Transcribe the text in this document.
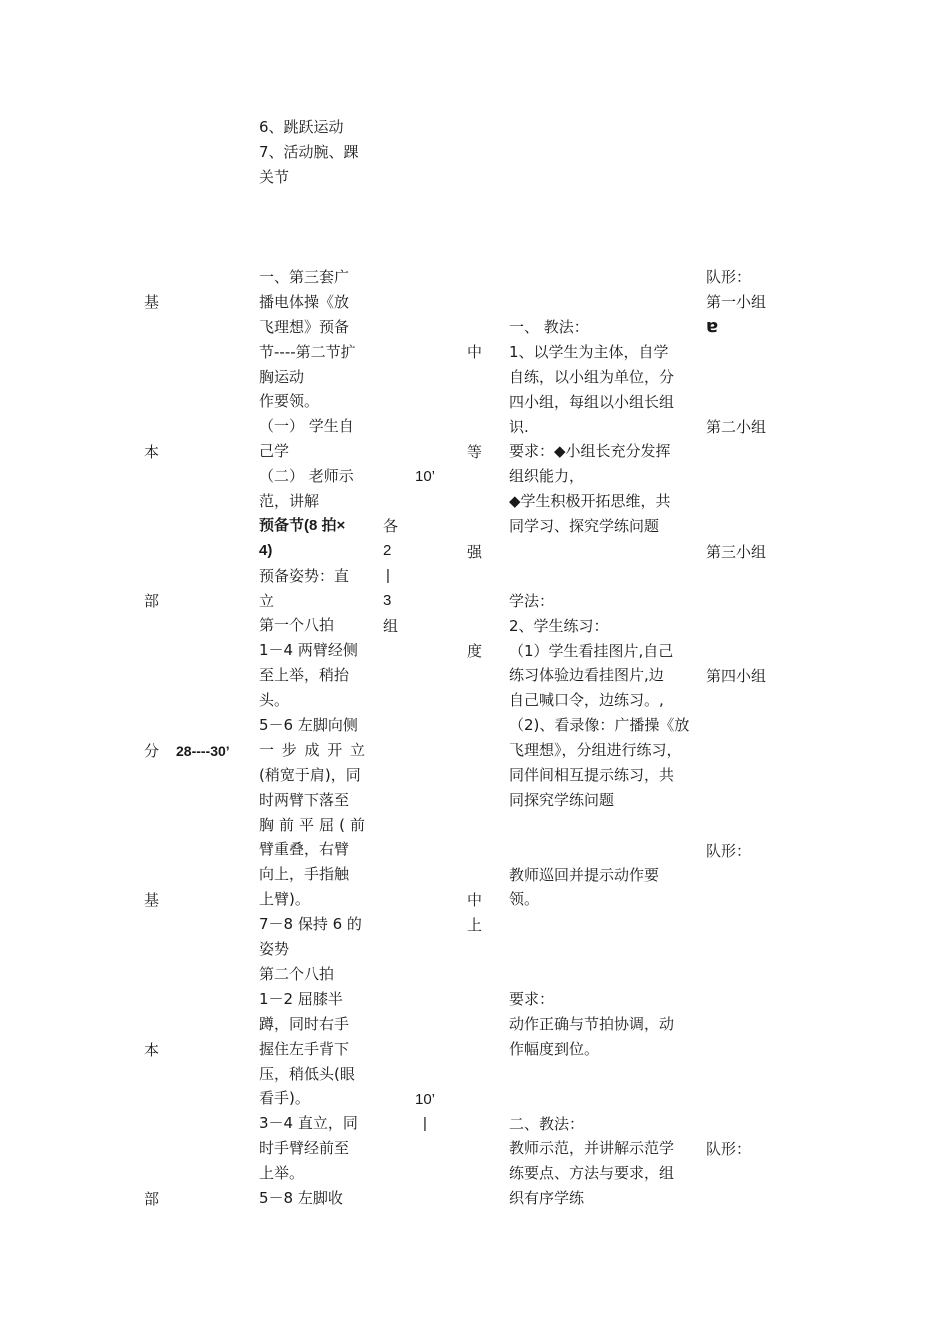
6、跳跃运动
7、活动腕、踝
关节
基
本
部
分
基
本
部
28----30’
一、第三套广
播电体操《放
飞理想》预备
节----第二节扩
胸运动
作要领。
（一） 学生自
己学
（二） 老师示
范，讲解
预备节(8 拍×
4)
预备姿势：直
立
第一个八拍
1－4 两臂经侧
至上举，稍抬
头。
5－6 左脚向侧
一步成开立
(稍宽于肩)，同
时两臂下落至
胸前平屈(前
臂重叠，右臂
向上，手指触
上臂)。
7－8 保持 6 的
姿势
第二个八拍
1－2 屈膝半
蹲，同时右手
握住左手背下
压，稍低头(眼
看手)。
3－4 直立，同
时手臂经前至
上举。
5－8 左脚收
各
2
|
3
组
10’
10’
|
中
等
强
度
中
上
一、 教法：
1、以学生为主体，自学
自练，以小组为单位，分
四小组，每组以小组长组
识.
要求：◆小组长充分发挥
组织能力，
◆学生积极开拓思维，共
同学习、探究学练问题
学法：
2、学生练习：
（1）学生看挂图片,自己
练习体验边看挂图片,边
自己喊口令，边练习。,
（2)、看录像：广播操《放
飞理想》，分组进行练习，
同伴间相互提示练习，共
同探究学练问题
教师巡回并提示动作要
领。
要求：
动作正确与节拍协调，动
作幅度到位。
二、教法：
教师示范，并讲解示范学
练要点、方法与要求，组
织有序学练
队形：
第一小组
ɐ
第二小组
第三小组
第四小组
队形：
队形：
